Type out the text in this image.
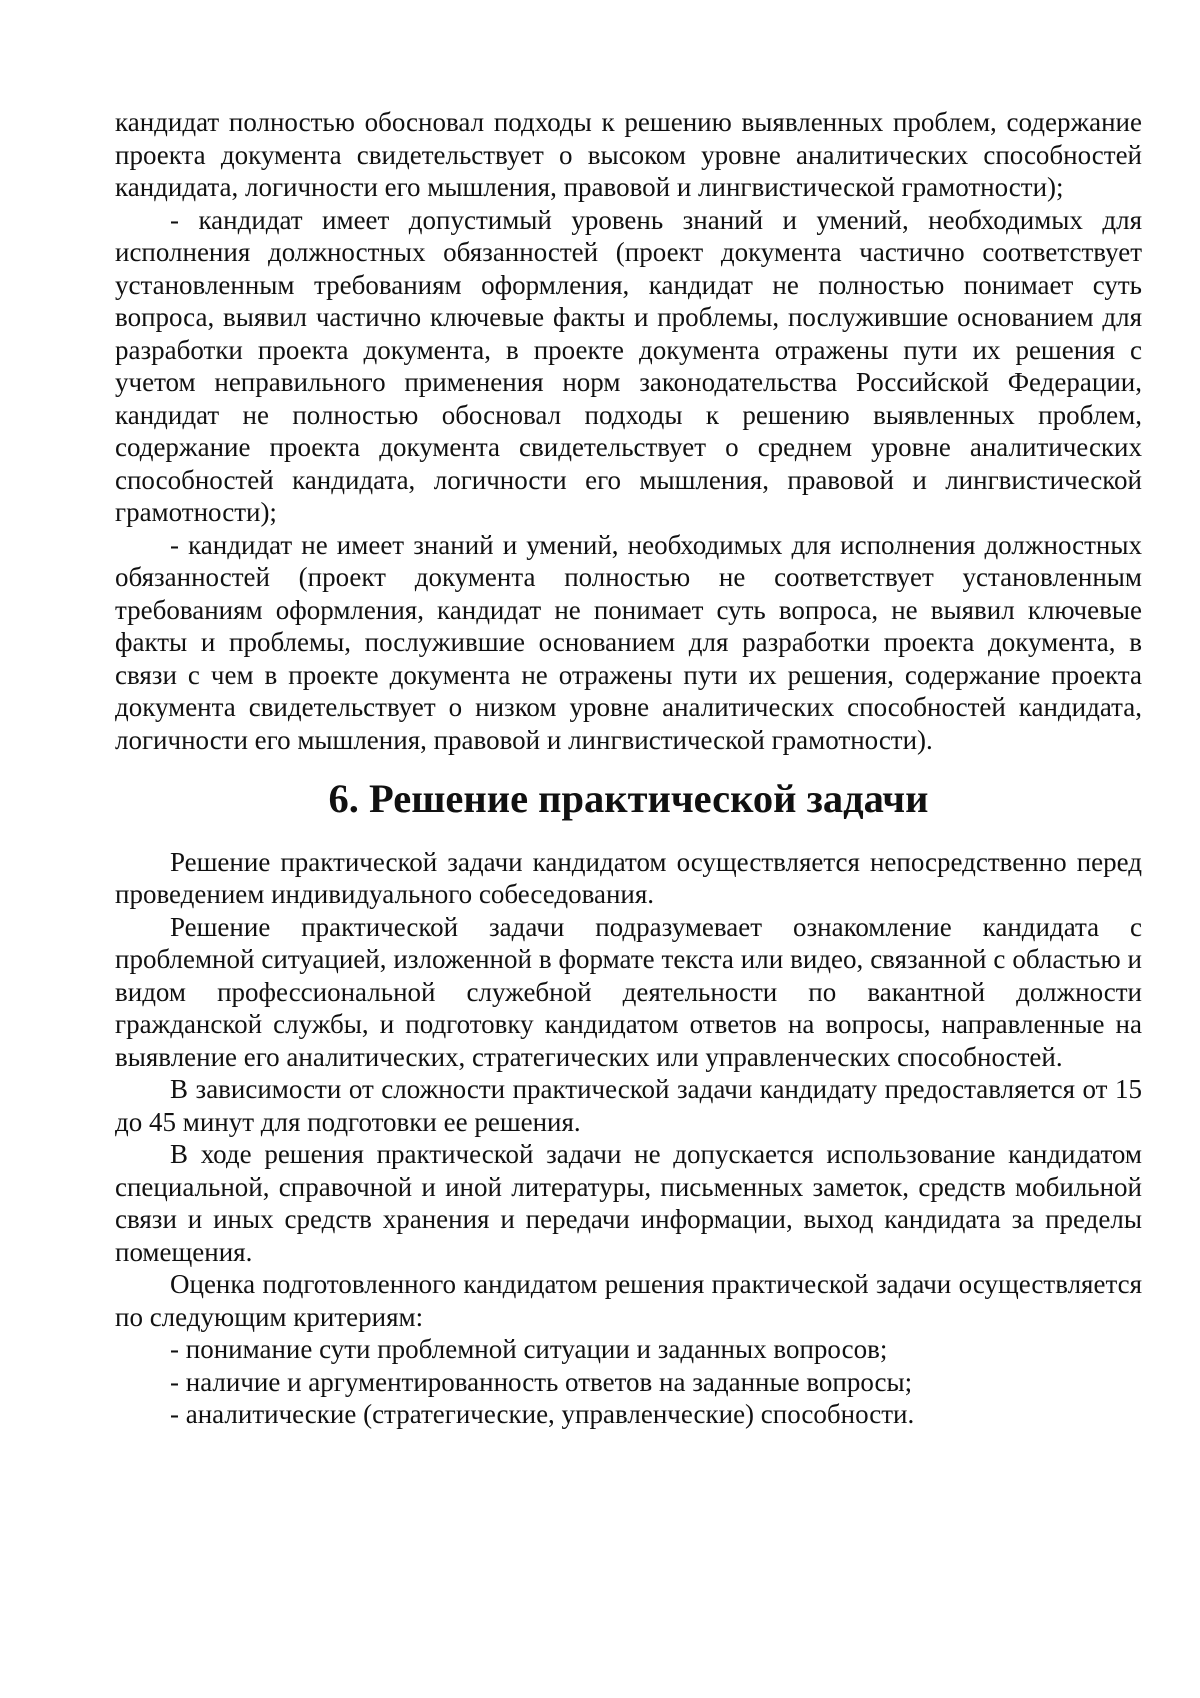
кандидат полностью обосновал подходы к решению выявленных проблем, содержание проекта документа свидетельствует о высоком уровне аналитических способностей кандидата, логичности его мышления, правовой и лингвистической грамотности);

- кандидат имеет допустимый уровень знаний и умений, необходимых для исполнения должностных обязанностей (проект документа частично соответствует установленным требованиям оформления, кандидат не полностью понимает суть вопроса, выявил частично ключевые факты и проблемы, послужившие основанием для разработки проекта документа, в проекте документа отражены пути их решения с учетом неправильного применения норм законодательства Российской Федерации, кандидат не полностью обосновал подходы к решению выявленных проблем, содержание проекта документа свидетельствует о среднем уровне аналитических способностей кандидата, логичности его мышления, правовой и лингвистической грамотности);

- кандидат не имеет знаний и умений, необходимых для исполнения должностных обязанностей (проект документа полностью не соответствует установленным требованиям оформления, кандидат не понимает суть вопроса, не выявил ключевые факты и проблемы, послужившие основанием для разработки проекта документа, в связи с чем в проекте документа не отражены пути их решения, содержание проекта документа свидетельствует о низком уровне аналитических способностей кандидата, логичности его мышления, правовой и лингвистической грамотности).

6. Решение практической задачи

Решение практической задачи кандидатом осуществляется непосредственно перед проведением индивидуального собеседования.

Решение практической задачи подразумевает ознакомление кандидата с проблемной ситуацией, изложенной в формате текста или видео, связанной с областью и видом профессиональной служебной деятельности по вакантной должности гражданской службы, и подготовку кандидатом ответов на вопросы, направленные на выявление его аналитических, стратегических или управленческих способностей.

В зависимости от сложности практической задачи кандидату предоставляется от 15 до 45 минут для подготовки ее решения.

В ходе решения практической задачи не допускается использование кандидатом специальной, справочной и иной литературы, письменных заметок, средств мобильной связи и иных средств хранения и передачи информации, выход кандидата за пределы помещения.

Оценка подготовленного кандидатом решения практической задачи осуществляется по следующим критериям:

- понимание сути проблемной ситуации и заданных вопросов;

- наличие и аргументированность ответов на заданные вопросы;

- аналитические (стратегические, управленческие) способности.
